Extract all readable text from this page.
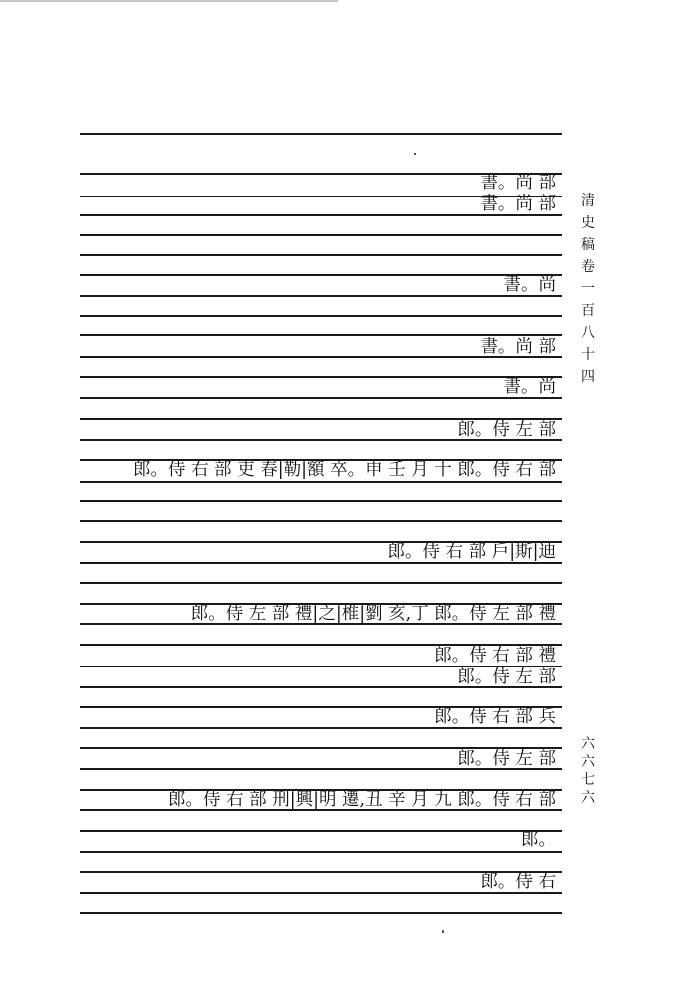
書。尚 部
書。尚 部
書。尚
書。尚 部
書。尚
郎。侍 左 部
郎。侍 右 部 吏 春|勒|額 卒。申 壬 月 十 郎。侍 右 部
郎。侍 右 部 戶|斯|迪
郎。侍 左 部 禮|之|椎|劉 亥,丁 郎。侍 左 部 禮
郎。侍 右 部 禮
郎。侍 左 部
郎。侍 右 部 兵
郎。侍 左 部
郎。侍 右 部 刑|興|明 遷,丑 辛 月 九 郎。侍 右 部
郎。
郎。侍 右
清史稿卷一百八十四
六六七六
